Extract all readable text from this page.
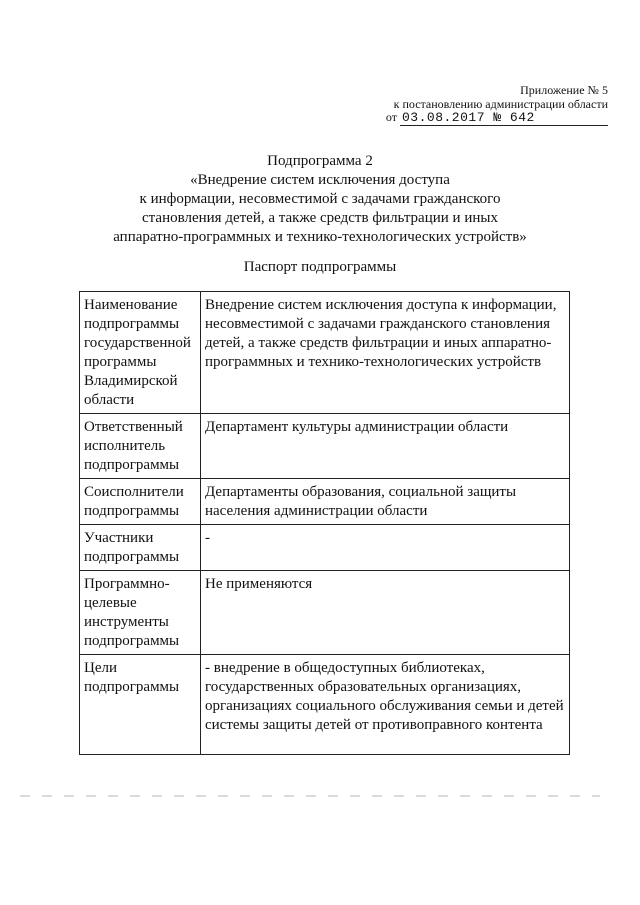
Приложение № 5
к постановлению администрации области
от 03.08.2017 № 642
Подпрограмма 2
«Внедрение систем исключения доступа
к информации, несовместимой с задачами гражданского
становления детей, а также средств фильтрации и иных
аппаратно-программных и технико-технологических устройств»
Паспорт подпрограммы
Наименование подпрограммы государственной программы Владимирской области	Внедрение систем исключения доступа к информации, несовместимой с задачами гражданского становления детей, а также средств фильтрации и иных аппаратно-программных и технико-технологических устройств
Ответственный исполнитель подпрограммы	Департамент культуры администрации области
Соисполнители подпрограммы	Департаменты образования, социальной защиты населения администрации области
Участники подпрограммы	-
Программно-целевые инструменты подпрограммы	Не применяются
Цели подпрограммы	- внедрение в общедоступных библиотеках, государственных образовательных организациях, организациях социального обслуживания семьи и детей системы защиты детей от противоправного контента
